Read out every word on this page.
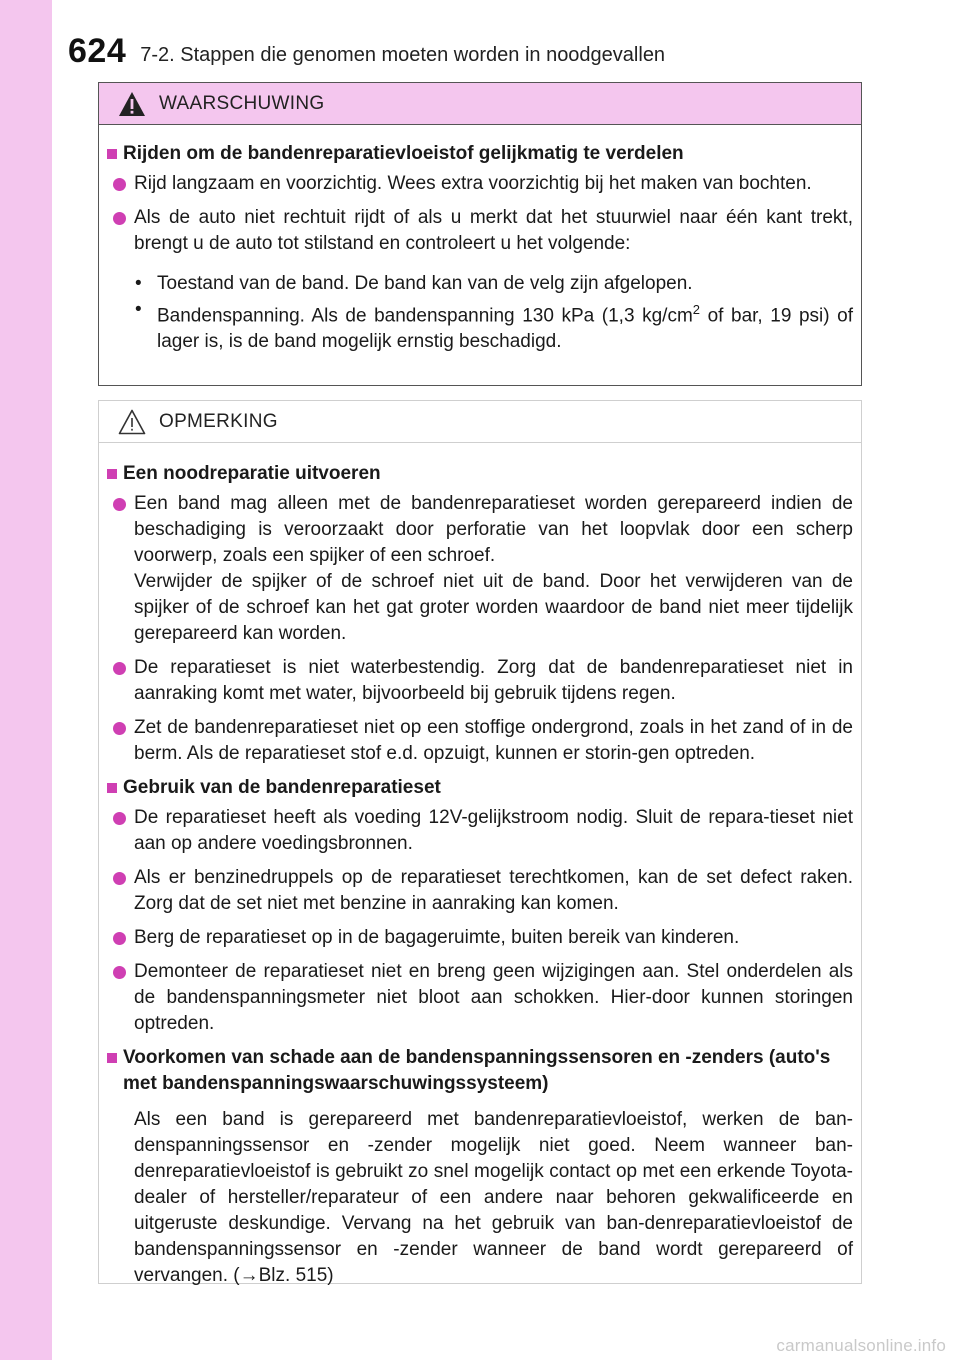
624 7-2. Stappen die genomen moeten worden in noodgevallen
WAARSCHUWING
Rijden om de bandenreparatievloeistof gelijkmatig te verdelen
Rijd langzaam en voorzichtig. Wees extra voorzichtig bij het maken van bochten.
Als de auto niet rechtuit rijdt of als u merkt dat het stuurwiel naar één kant trekt, brengt u de auto tot stilstand en controleert u het volgende:
• Toestand van de band. De band kan van de velg zijn afgelopen.
• Bandenspanning. Als de bandenspanning 130 kPa (1,3 $kg/cm^2$ of bar, 19 psi) of lager is, is de band mogelijk ernstig beschadigd.
OPMERKING
Een noodreparatie uitvoeren
Een band mag alleen met de bandenreparatieset worden gerepareerd indien de beschadiging is veroorzaakt door perforatie van het loopvlak door een scherp voorwerp, zoals een spijker of een schroef.
Verwijder de spijker of de schroef niet uit de band. Door het verwijderen van de spijker of de schroef kan het gat groter worden waardoor de band niet meer tijdelijk gerepareerd kan worden.
De reparatieset is niet waterbestendig. Zorg dat de bandenreparatieset niet in aanraking komt met water, bijvoorbeeld bij gebruik tijdens regen.
Zet de bandenreparatieset niet op een stoffige ondergrond, zoals in het zand of in de berm. Als de reparatieset stof e.d. opzuigt, kunnen er storin-gen optreden.
Gebruik van de bandenreparatieset
De reparatieset heeft als voeding 12V-gelijkstroom nodig. Sluit de repara-tieset niet aan op andere voedingsbronnen.
Als er benzinedruppels op de reparatieset terechtkomen, kan de set defect raken. Zorg dat de set niet met benzine in aanraking kan komen.
Berg de reparatieset op in de bagageruimte, buiten bereik van kinderen.
Demonteer de reparatieset niet en breng geen wijzigingen aan. Stel onderdelen als de bandenspanningsmeter niet bloot aan schokken. Hier-door kunnen storingen optreden.
Voorkomen van schade aan de bandenspanningssensoren en -zenders (auto's met bandenspanningswaarschuwingssysteem)
Als een band is gerepareerd met bandenreparatievloeistof, werken de ban-denspanningssensor en -zender mogelijk niet goed. Neem wanneer ban-denreparatievloeistof is gebruikt zo snel mogelijk contact op met een erkende Toyota-dealer of hersteller/reparateur of een andere naar behoren gekwalificeerde en uitgeruste deskundige. Vervang na het gebruik van ban-denreparatievloeistof de bandenspanningssensor en -zender wanneer de band wordt gerepareerd of vervangen. (→Blz. 515)
carmanualsonline.info
